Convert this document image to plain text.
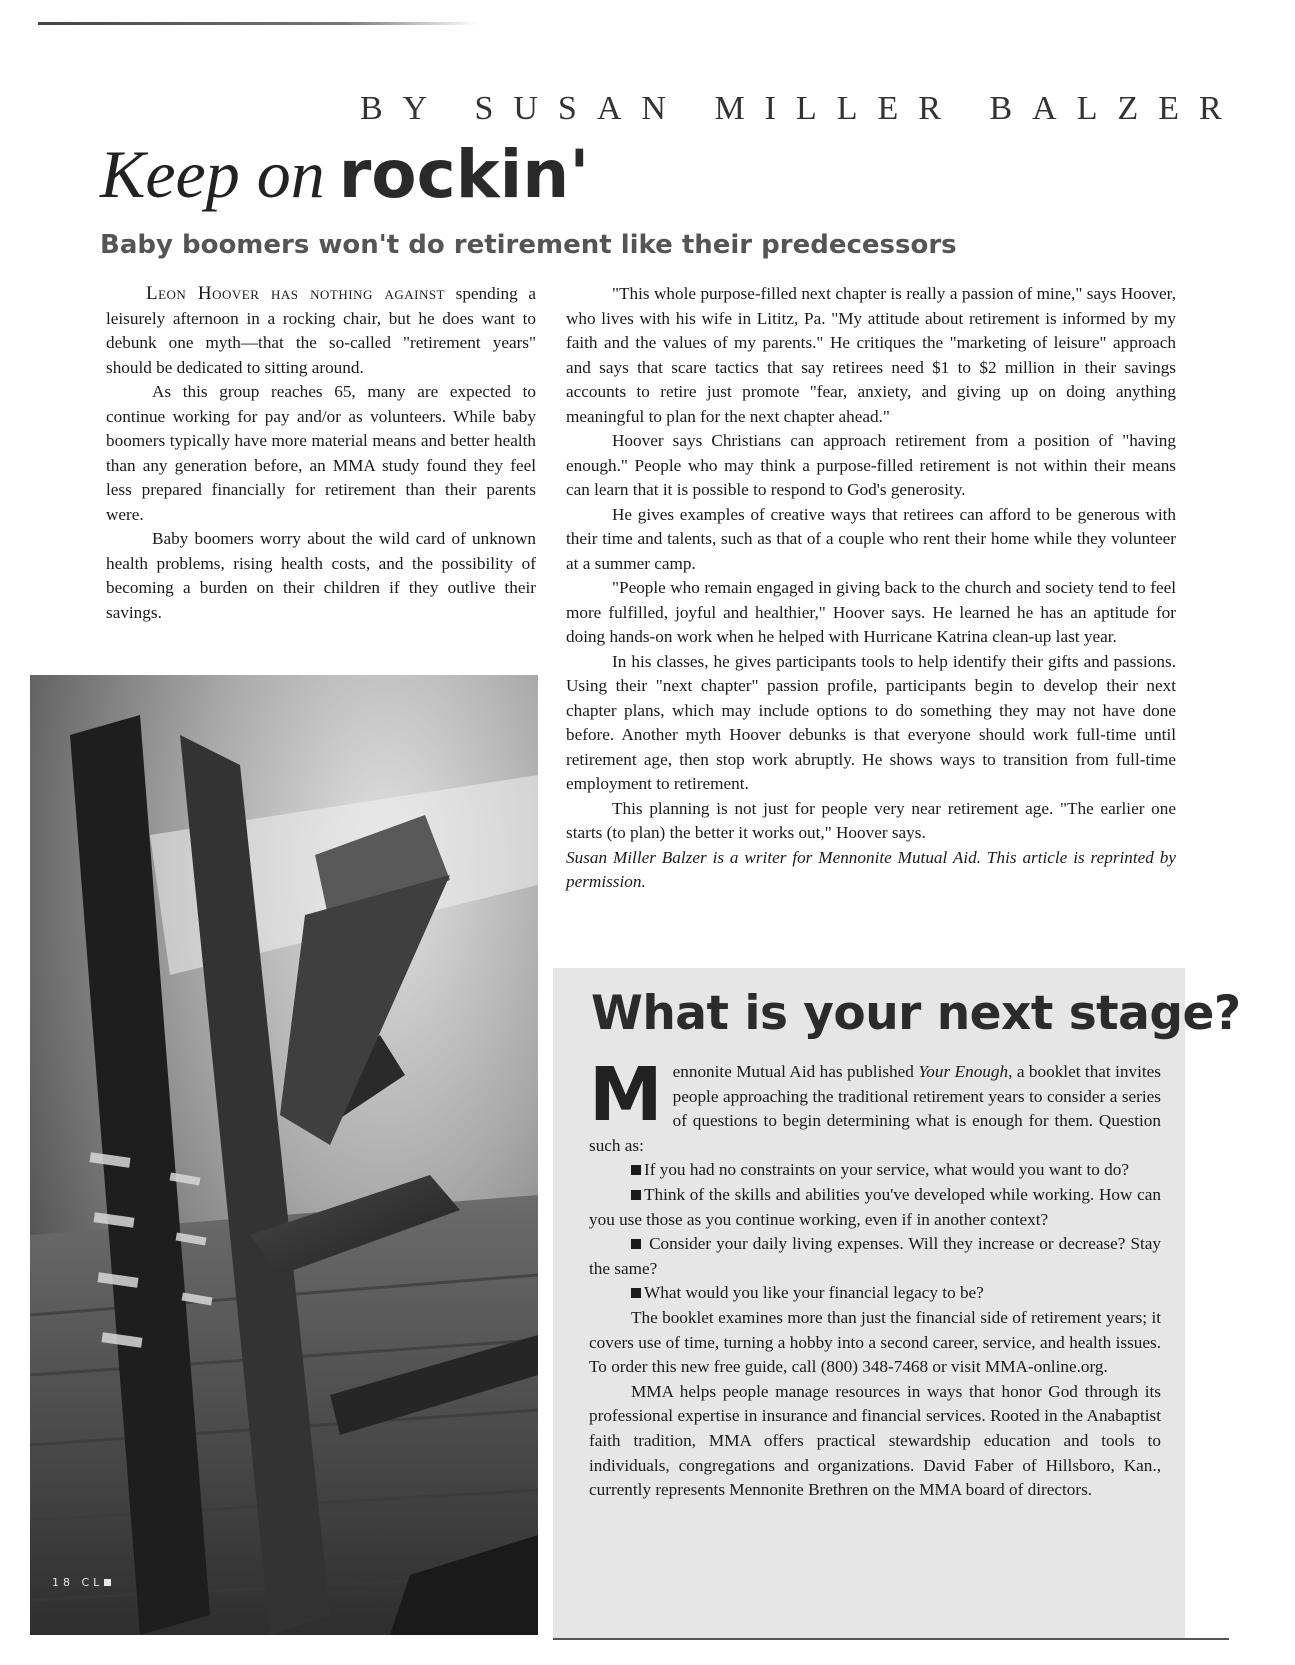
BY SUSAN MILLER BALZER
Keep on rockin'
Baby boomers won't do retirement like their predecessors

Leon Hoover has nothing against spending a leisurely afternoon in a rocking chair, but he does want to debunk one myth—that the so-called "retirement years" should be dedicated to sitting around.

As this group reaches 65, many are expected to continue working for pay and/or as volunteers. While baby boomers typically have more material means and better health than any generation before, an MMA study found they feel less prepared financially for retirement than their parents were.

Baby boomers worry about the wild card of unknown health problems, rising health costs, and the possibility of becoming a burden on their children if they outlive their savings.

"This whole purpose-filled next chapter is really a passion of mine," says Hoover, who lives with his wife in Lititz, Pa. "My attitude about retirement is informed by my faith and the values of my parents." He critiques the "marketing of leisure" approach and says that scare tactics that say retirees need $1 to $2 million in their savings accounts to retire just promote "fear, anxiety, and giving up on doing anything meaningful to plan for the next chapter ahead."

Hoover says Christians can approach retirement from a position of "having enough." People who may think a purpose-filled retirement is not within their means can learn that it is possible to respond to God's generosity.

He gives examples of creative ways that retirees can afford to be generous with their time and talents, such as that of a couple who rent their home while they volunteer at a summer camp.

"People who remain engaged in giving back to the church and society tend to feel more fulfilled, joyful and healthier," Hoover says. He learned he has an aptitude for doing hands-on work when he helped with Hurricane Katrina clean-up last year.

In his classes, he gives participants tools to help identify their gifts and passions. Using their "next chapter" passion profile, participants begin to develop their next chapter plans, which may include options to do something they may not have done before. Another myth Hoover debunks is that everyone should work full-time until retirement age, then stop work abruptly. He shows ways to transition from full-time employment to retirement.

This planning is not just for people very near retirement age. "The earlier one starts (to plan) the better it works out," Hoover says.

Susan Miller Balzer is a writer for Mennonite Mutual Aid. This article is reprinted by permission.

18 CL
What is your next stage?

Mennonite Mutual Aid has published Your Enough, a booklet that invites people approaching the traditional retirement years to consider a series of questions to begin determining what is enough for them. Question such as:

If you had no constraints on your service, what would you want to do?

Think of the skills and abilities you've developed while working. How can you use those as you continue working, even if in another context?

Consider your daily living expenses. Will they increase or decrease? Stay the same?

What would you like your financial legacy to be?

The booklet examines more than just the financial side of retirement years; it covers use of time, turning a hobby into a second career, service, and health issues. To order this new free guide, call (800) 348-7468 or visit MMA-online.org.

MMA helps people manage resources in ways that honor God through its professional expertise in insurance and financial services. Rooted in the Anabaptist faith tradition, MMA offers practical stewardship education and tools to individuals, congregations and organizations. David Faber of Hillsboro, Kan., currently represents Mennonite Brethren on the MMA board of directors.
